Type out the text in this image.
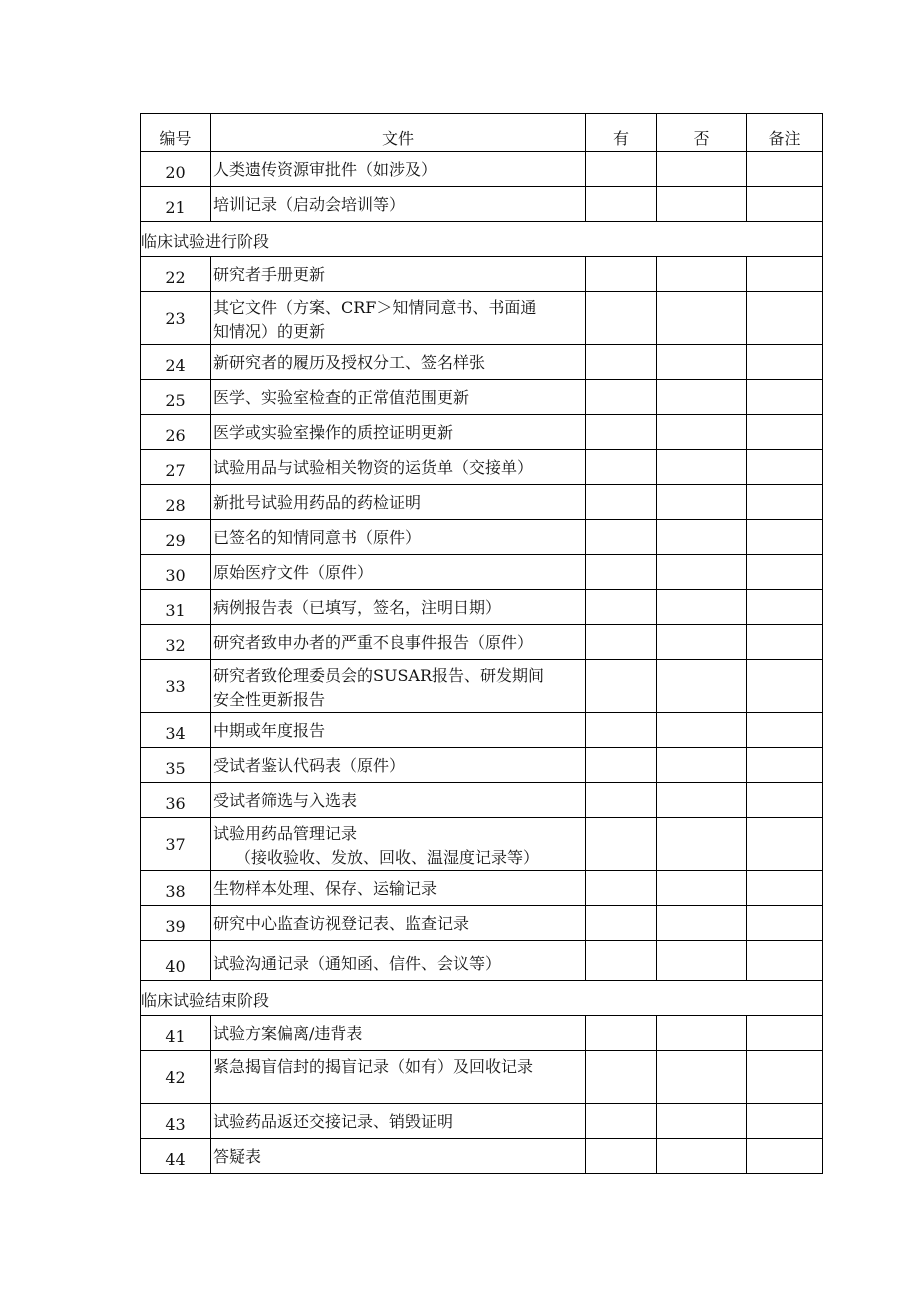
编号	文件	有	否	备注
20	人类遗传资源审批件（如涉及）			
21	培训记录（启动会培训等）			
临床试验进行阶段				
22	研究者手册更新			
23	其它文件（方案、CRF＞知情同意书、书面通
知情况）的更新			
24	新研究者的履历及授权分工、签名样张			
25	医学、实验室检查的正常值范围更新			
26	医学或实验室操作的质控证明更新			
27	试验用品与试验相关物资的运货单（交接单）			
28	新批号试验用药品的药检证明			
29	已签名的知情同意书（原件）			
30	原始医疗文件（原件）			
31	病例报告表（已填写，签名，注明日期）			
32	研究者致申办者的严重不良事件报告（原件）			
33	研究者致伦理委员会的SUSAR报告、研发期间
安全性更新报告			
34	中期或年度报告			
35	受试者鉴认代码表（原件）			
36	受试者筛选与入选表			
37	试验用药品管理记录
（接收验收、发放、回收、温湿度记录等）			
38	生物样本处理、保存、运输记录			
39	研究中心监查访视登记表、监查记录			
40	试验沟通记录（通知函、信件、会议等）			
临床试验结束阶段				
41	试验方案偏离/违背表			
42	紧急揭盲信封的揭盲记录（如有）及回收记录			
43	试验药品返还交接记录、销毁证明			
44	答疑表			
